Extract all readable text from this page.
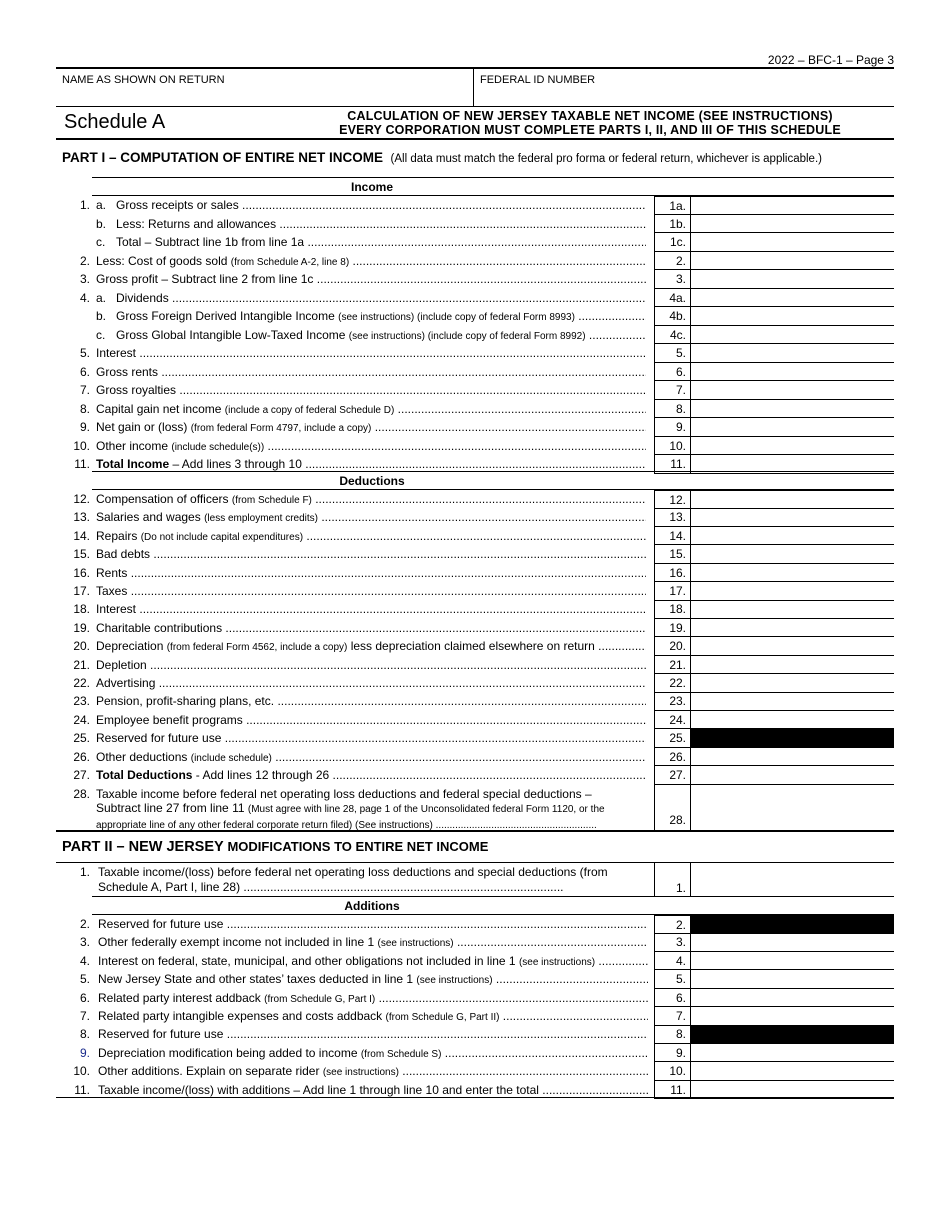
2022 – BFC-1 – Page 3
NAME AS SHOWN ON RETURN	FEDERAL ID NUMBER
Schedule A	CALCULATION OF NEW JERSEY TAXABLE NET INCOME (SEE INSTRUCTIONS)
EVERY CORPORATION MUST COMPLETE PARTS I, II, AND III OF THIS SCHEDULE
PART I – COMPUTATION OF ENTIRE NET INCOME (All data must match the federal pro forma or federal return, whichever is applicable.)
Income
1. a. Gross receipts or sales .....	1a.
b. Less: Returns and allowances .....	1b.
c. Total – Subtract line 1b from line 1a .....	1c.
2. Less: Cost of goods sold (from Schedule A-2, line 8) .....	2.
3. Gross profit – Subtract line 2 from line 1c .....	3.
4. a. Dividends .....	4a.
b. Gross Foreign Derived Intangible Income (see instructions) (include copy of federal Form 8993) .....	4b.
c. Gross Global Intangible Low-Taxed Income (see instructions) (include copy of federal Form 8992) .....	4c.
5. Interest .....	5.
6. Gross rents .....	6.
7. Gross royalties .....	7.
8. Capital gain net income (include a copy of federal Schedule D) .....	8.
9. Net gain or (loss) (from federal Form 4797, include a copy) .....	9.
10. Other income (include schedule(s)) .....	10.
11. Total Income – Add lines 3 through 10 .....	11.
Deductions
12. Compensation of officers (from Schedule F) .....	12.
13. Salaries and wages (less employment credits) .....	13.
14. Repairs (Do not include capital expenditures) .....	14.
15. Bad debts .....	15.
16. Rents .....	16.
17. Taxes .....	17.
18. Interest .....	18.
19. Charitable contributions .....	19.
20. Depreciation (from federal Form 4562, include a copy) less depreciation claimed elsewhere on return .....	20.
21. Depletion .....	21.
22. Advertising .....	22.
23. Pension, profit-sharing plans, etc. .....	23.
24. Employee benefit programs .....	24.
25. Reserved for future use .....	25.
26. Other deductions (include schedule) .....	26.
27. Total Deductions - Add lines 12 through 26 .....	27.
28. Taxable income before federal net operating loss deductions and federal special deductions –
Subtract line 27 from line 11 (Must agree with line 28, page 1 of the Unconsolidated federal Form 1120, or the
appropriate line of any other federal corporate return filed) (See instructions) ..........................................................	28.
PART II – NEW JERSEY MODIFICATIONS TO ENTIRE NET INCOME
1. Taxable income/(loss) before federal net operating loss deductions and special deductions (from
Schedule A, Part I, line 28) ................................................................................................	1.
Additions
2. Reserved for future use .....	2.
3. Other federally exempt income not included in line 1 (see instructions) .....	3.
4. Interest on federal, state, municipal, and other obligations not included in line 1 (see instructions) .....	4.
5. New Jersey State and other states’ taxes deducted in line 1 (see instructions) .....	5.
6. Related party interest addback (from Schedule G, Part I) .....	6.
7. Related party intangible expenses and costs addback (from Schedule G, Part II) .....	7.
8. Reserved for future use .....	8.
9. Depreciation modification being added to income (from Schedule S) .....	9.
10. Other additions. Explain on separate rider (see instructions) .....	10.
11. Taxable income/(loss) with additions – Add line 1 through line 10 and enter the total .....	11.
